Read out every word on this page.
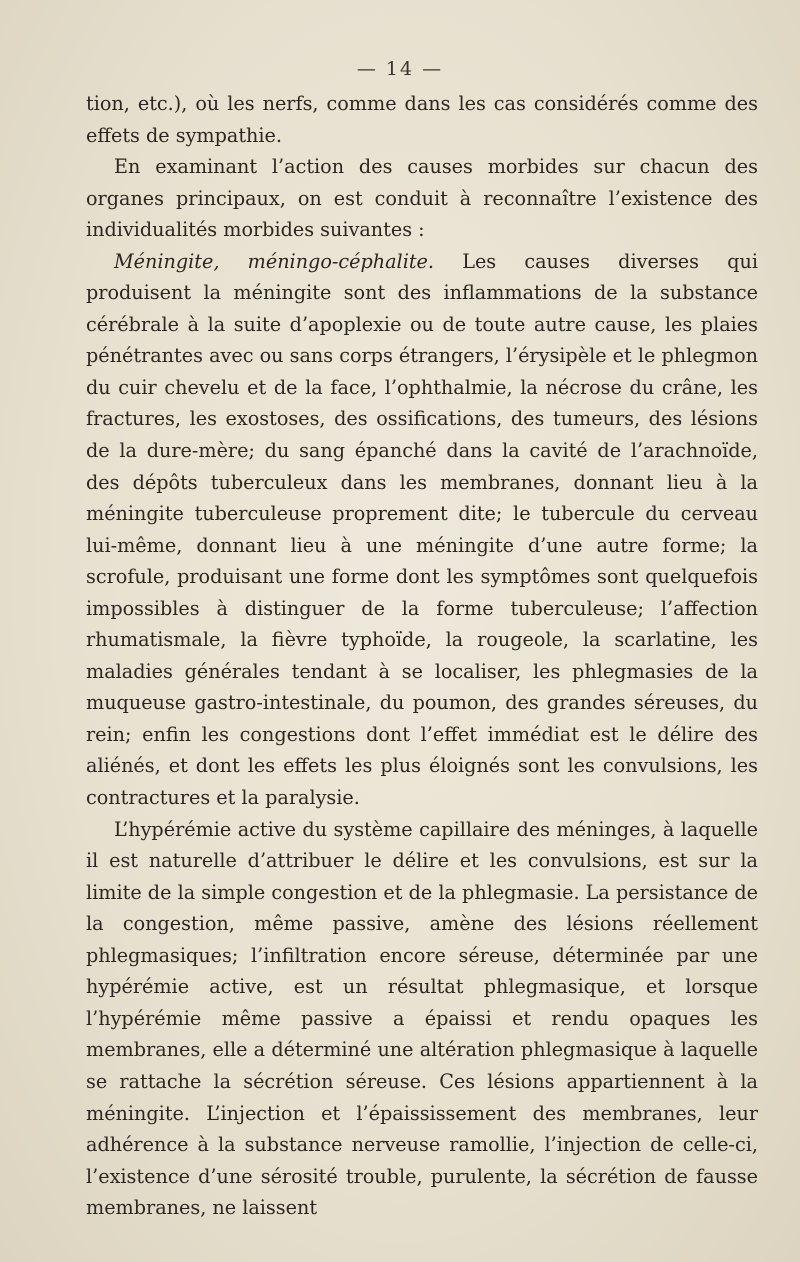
— 14 —

tion, etc.), où les nerfs, comme dans les cas considérés comme des effets de sympathie.

En examinant l’action des causes morbides sur chacun des organes principaux, on est conduit à reconnaître l’existence des individualités morbides suivantes :

Méningite, méningo-céphalite. Les causes diverses qui produisent la méningite sont des inflammations de la substance cérébrale à la suite d’apoplexie ou de toute autre cause, les plaies pénétrantes avec ou sans corps étrangers, l’érysipèle et le phlegmon du cuir chevelu et de la face, l’ophthalmie, la nécrose du crâne, les fractures, les exostoses, des ossifications, des tumeurs, des lésions de la dure-mère; du sang épanché dans la cavité de l’arachnoïde, des dépôts tuberculeux dans les membranes, donnant lieu à la méningite tuberculeuse proprement dite; le tubercule du cerveau lui-même, donnant lieu à une méningite d’une autre forme; la scrofule, produisant une forme dont les symptômes sont quelquefois impossibles à distinguer de la forme tuberculeuse; l’affection rhumatismale, la fièvre typhoïde, la rougeole, la scarlatine, les maladies générales tendant à se localiser, les phlegmasies de la muqueuse gastro-intestinale, du poumon, des grandes séreuses, du rein; enfin les congestions dont l’effet immédiat est le délire des aliénés, et dont les effets les plus éloignés sont les convulsions, les contractures et la paralysie.

L’hypérémie active du système capillaire des méninges, à laquelle il est naturelle d’attribuer le délire et les convulsions, est sur la limite de la simple congestion et de la phlegmasie. La persistance de la congestion, même passive, amène des lésions réellement phlegmasiques; l’infiltration encore séreuse, déterminée par une hypérémie active, est un résultat phlegmasique, et lorsque l’hypérémie même passive a épaissi et rendu opaques les membranes, elle a déterminé une altération phlegmasique à laquelle se rattache la sécrétion séreuse. Ces lésions appartiennent à la méningite. L’injection et l’épaississement des membranes, leur adhérence à la substance nerveuse ramollie, l’injection de celle-ci, l’existence d’une sérosité trouble, purulente, la sécrétion de fausse membranes, ne laissent
